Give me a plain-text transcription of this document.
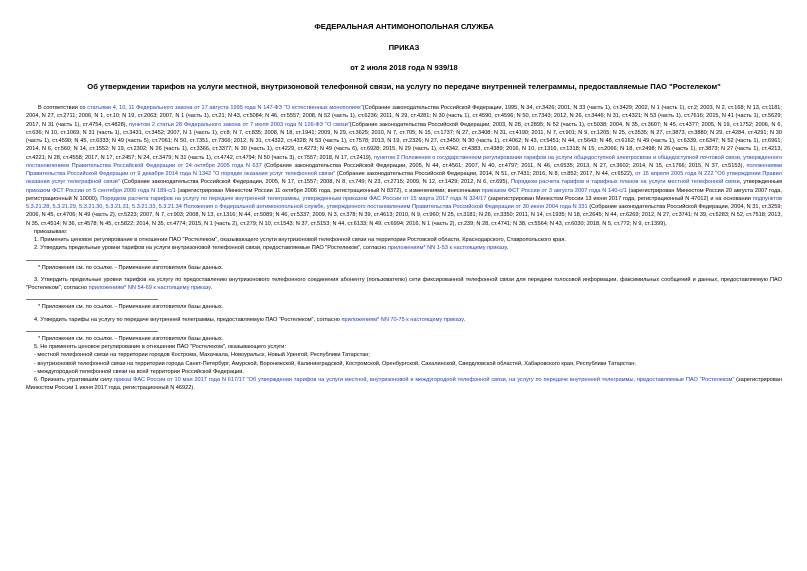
ФЕДЕРАЛЬНАЯ АНТИМОНОПОЛЬНАЯ СЛУЖБА

ПРИКАЗ

от 2 июля 2018 года N 939/18

Об утверждении тарифов на услуги местной, внутризоновой телефонной связи, на услугу по передаче внутренней телеграммы, предоставляемые ПАО "Ростелеком"

В соответствии со статьями 4, 10, 11 Федерального закона от 17 августа 1995 года N 147-ФЗ "О естественных монополиях"(Собрание законодательства Российской Федерации, 1995, N 34, ст.3426; 2001, N 33 (часть 1), ст.3429; 2002, N 1 (часть 1), ст.2; 2003, N 2, ст.168; N 13, ст.1181; 2004, N 27, ст.2711; 2006, N 1, ст.10; N 19, ст.2063; 2007, N 1 (часть 1), ст.21; N 43, ст.5084; N 46, ст.5557; 2008, N 52 (часть 1), ст.6236; 2011, N 29, ст.4281; N 30 (часть 1), ст.4590, ст.4596; N 50, ст.7343; 2012, N 26, ст.3446; N 31, ст.4321; N 53 (часть 1), ст.7616; 2015, N 41 (часть 1), ст.5629; 2017, N 31 (часть 1), ст.4754, ст.4828), пунктом 2 статьи 28 Федерального закона от 7 июля 2003 года N 126-ФЗ "О связи"(Собрание законодательства Российской Федерации, 2003, N 28, ст.2895; N 52 (часть 1), ст.5038; 2004, N 35, ст.3607; N 45, ст.4377; 2005, N 19, ст.1752; 2006, N 6, ст.636; N 10, ст.1069; N 31 (часть 1), ст.3431, ст.3452; 2007, N 1 (часть 1), ст.8; N 7, ст.835; 2008, N 18, ст.1941; 2009, N 29, ст.3625; 2010, N 7, ст.705; N 15, ст.1737; N 27, ст.3408; N 31, ст.4190; 2011, N 7, ст.901; N 9, ст.1205; N 25, ст.3535; N 27, ст.3873, ст.3880; N 29, ст.4284, ст.4291; N 30 (часть 1), ст.4590; N 45, ст.6333; N 49 (часть 5), ст.7061; N 50, ст.7351, ст.7366; 2012, N 31, ст.4322, ст.4328; N 53 (часть 1), ст.7578; 2013, N 19, ст.2326; N 27, ст.3450; N 30 (часть 1), ст.4062; N 43, ст.5451; N 44, ст.5643; N 48, ст.6162; N 49 (часть 1), ст.6339, ст.6347; N 52 (часть 1), ст.6961; 2014, N 6, ст.560; N 14, ст.1552; N 19, ст.2302; N 26 (часть 1), ст.3366, ст.3377; N 30 (часть 1), ст.4229, ст.4273; N 49 (часть 6), ст.6928; 2015, N 29 (часть 1), ст.4342, ст.4383, ст.4389; 2016, N 10, ст.1316, ст.1318; N 15, ст.2066; N 18, ст.2498; N 26 (часть 1), ст.3873; N 27 (часть 1), ст.4213, ст.4221; N 28, ст.4558; 2017, N 17, ст.2457; N 24, ст.3479; N 31 (часть 1), ст.4742, ст.4794; N 50 (часть 3), ст.7557; 2018, N 17, ст.2419), пунктом 2 Положения о государственном регулировании тарифов на услуги общедоступной электросвязи и общедоступной почтовой связи, утвержденного постановлением Правительства Российской Федерации от 24 октября 2005 года N 637 (Собрание законодательства Российской Федерации, 2005, N 44, ст.4561; 2007, N 40, ст.4797; 2011, N 46, ст.6535; 2013, N 27, ст.3602; 2014, N 15, ст.1766; 2015, N 37, ст.5153), положениями Правительства Российской Федерации от 9 декабря 2014 года N 1342 "О порядке оказания услуг телефонной связи" (Собрание законодательства Российской Федерации, 2014, N 51, ст.7431; 2016, N 8, ст.852; 2017, N 44, ст.6522), от 15 апреля 2005 года N 222 "Об утверждении Правил оказания услуг телеграфной связи" (Собрание законодательства Российской Федерации, 2005, N 17, ст.1557; 2008, N 8, ст.749; N 23, ст.2715; 2009, N 12, ст.1429; 2012, N 6, ст.695), Порядком расчета тарифов и тарифных планов на услуги местной телефонной связи, утвержденным приказом ФСТ России от 5 сентября 2006 года N 189-с/1 (зарегистрирован Минюстом России 11 октября 2006 года, регистрационный N 8372), с изменениями, внесенными приказом ФСТ России от 3 августа 2007 года N 140-с/1 (зарегистрирован Минюстом России 20 августа 2007 года, регистрационный N 10000), Порядком расчета тарифов на услугу по передаче внутренней телеграммы, утвержденным приказом ФАС России от 15 марта 2017 года N 324/17 (зарегистрирован Минюстом России 13 июня 2017 года, регистрационный N 47012) и на основании подпунктов 5.3.21.28, 5.3.21.29, 5.3.21.30, 5.3.21.31, 5.3.21.33, 5.3.21.34 Положения о Федеральной антимонопольной службе, утвержденного постановлением Правительства Российской Федерации от 30 июня 2004 года N 331 (Собрание законодательства Российской Федерации, 2004, N 31, ст.3259; 2006, N 45, ст.4706; N 49 (часть 2), ст.5223; 2007, N 7, ст.903; 2008, N 13, ст.1316; N 44, ст.5089; N 46, ст.5337; 2009, N 3, ст.378; N 39, ст.4613; 2010, N 9, ст.960; N 25, ст.3181; N 26, ст.3350; 2011, N 14, ст.1935; N 18, ст.2645; N 44, ст.6269; 2012, N 27, ст.3741; N 39, ст.5283; N 52, ст.7518; 2013, N 35, ст.4514; N 36, ст.4578; N 45, ст.5822; 2014, N 35, ст.4774; 2015, N 1 (часть 2), ст.279; N 10, ст.1543; N 37, ст.5153; N 44, ст.6133; N 49, ст.6994; 2016, N 1 (часть 2), ст.239; N 28, ст.4741; N 38, ст.5564; N 43, ст.6030; 2018, N 5, ст.772; N 9, ст.1399),

приказываю:

1. Применить ценовое регулирование в отношении ПАО "Ростелеком", оказывающего услуги внутризоновой телефонной связи на территории Ростовской области, Краснодарского, Ставропольского края.

2. Утвердить предельные уровни тарифов на услуги внутризоновой телефонной связи, предоставляемые ПАО "Ростелеком", согласно приложениям* NN 1-53 к настоящему приказу.

* Приложения см. по ссылке. - Примечание изготовителя базы данных.

3. Утвердить предельные уровни тарифов на услугу по предоставлению внутризонового телефонного соединения абоненту (пользователю) сети фиксированной телефонной связи для передачи голосовой информации, факсимильных сообщений и данных, предоставляемую ПАО "Ростелеком", согласно приложениям* NN 54-69 к настоящему приказу.

* Приложения см. по ссылке. - Примечание изготовителя базы данных.

4. Утвердить тарифы на услугу по передаче внутренней телеграммы, предоставляемую ПАО "Ростелеком", согласно приложениям* NN 70-75 к настоящему приказу.

* Приложения см. по ссылке. - Примечание изготовителя базы данных.

5. Не применять ценовое регулирование в отношении ПАО "Ростелеком", оказывающего услуги:

- местной телефонной связи на территории городов Кострома, Махачкала, Новоуральск, Новый Уренгой, Республики Татарстан;

- внутризоновой телефонной связи на территории города Санкт-Петербург, Амурской, Воронежской, Калининградской, Костромской, Оренбургской, Сахалинской, Свердловской областей, Хабаровского края, Республики Татарстан;

- междугородной телефонной связи на всей территории Российской Федерации.

6. Признать утратившим силу приказ ФАС России от 10 мая 2017 года N 617/17 "Об утверждении тарифов на услуги местной, внутризоновой и междугородной телефонной связи, на услугу по передаче внутренней телеграммы, предоставляемые ПАО "Ростелеком" (зарегистрирован Минюстом России 1 июня 2017 года, регистрационный N 46922).
